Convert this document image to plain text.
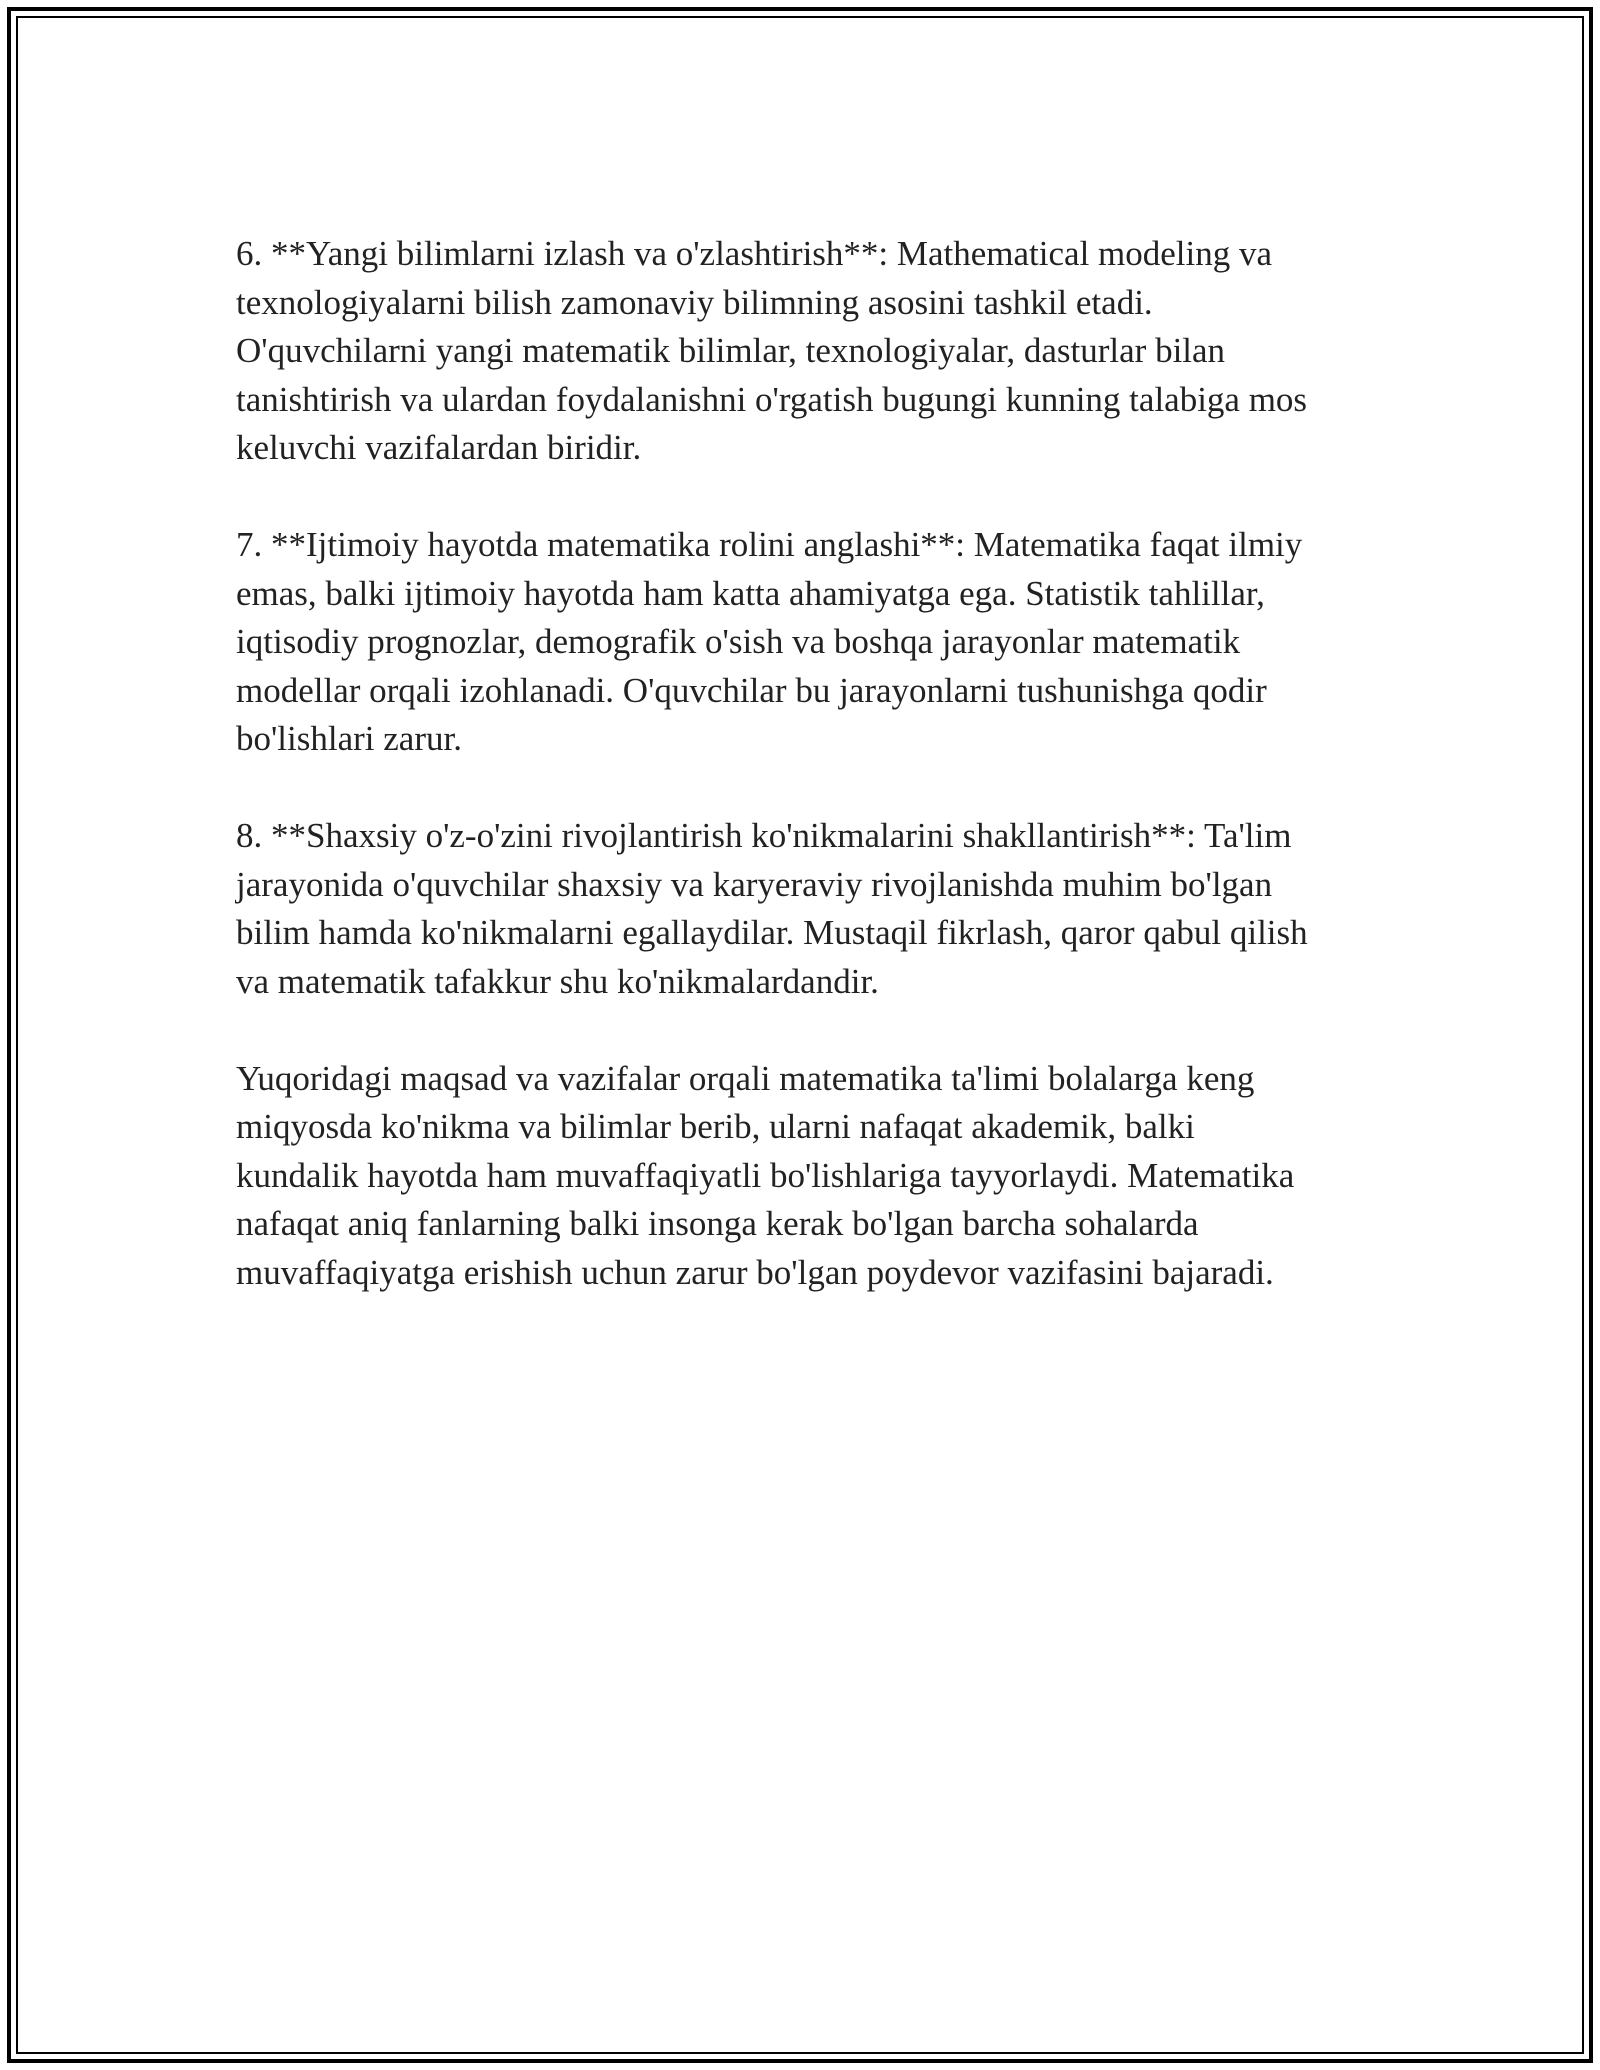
6. **Yangi bilimlarni izlash va o'zlashtirish**: Mathematical modeling va
texnologiyalarni bilish zamonaviy bilimning asosini tashkil etadi.
O'quvchilarni yangi matematik bilimlar, texnologiyalar, dasturlar bilan
tanishtirish va ulardan foydalanishni o'rgatish bugungi kunning talabiga mos
keluvchi vazifalardan biridir.

7. **Ijtimoiy hayotda matematika rolini anglashi**: Matematika faqat ilmiy
emas, balki ijtimoiy hayotda ham katta ahamiyatga ega. Statistik tahlillar,
iqtisodiy prognozlar, demografik o'sish va boshqa jarayonlar matematik
modellar orqali izohlanadi. O'quvchilar bu jarayonlarni tushunishga qodir
bo'lishlari zarur.

8. **Shaxsiy o'z-o'zini rivojlantirish ko'nikmalarini shakllantirish**: Ta'lim
jarayonida o'quvchilar shaxsiy va karyeraviy rivojlanishda muhim bo'lgan
bilim hamda ko'nikmalarni egallaydilar. Mustaqil fikrlash, qaror qabul qilish
va matematik tafakkur shu ko'nikmalardandir.

Yuqoridagi maqsad va vazifalar orqali matematika ta'limi bolalarga keng
miqyosda ko'nikma va bilimlar berib, ularni nafaqat akademik, balki
kundalik hayotda ham muvaffaqiyatli bo'lishlariga tayyorlaydi. Matematika
nafaqat aniq fanlarning balki insonga kerak bo'lgan barcha sohalarda
muvaffaqiyatga erishish uchun zarur bo'lgan poydevor vazifasini bajaradi.
